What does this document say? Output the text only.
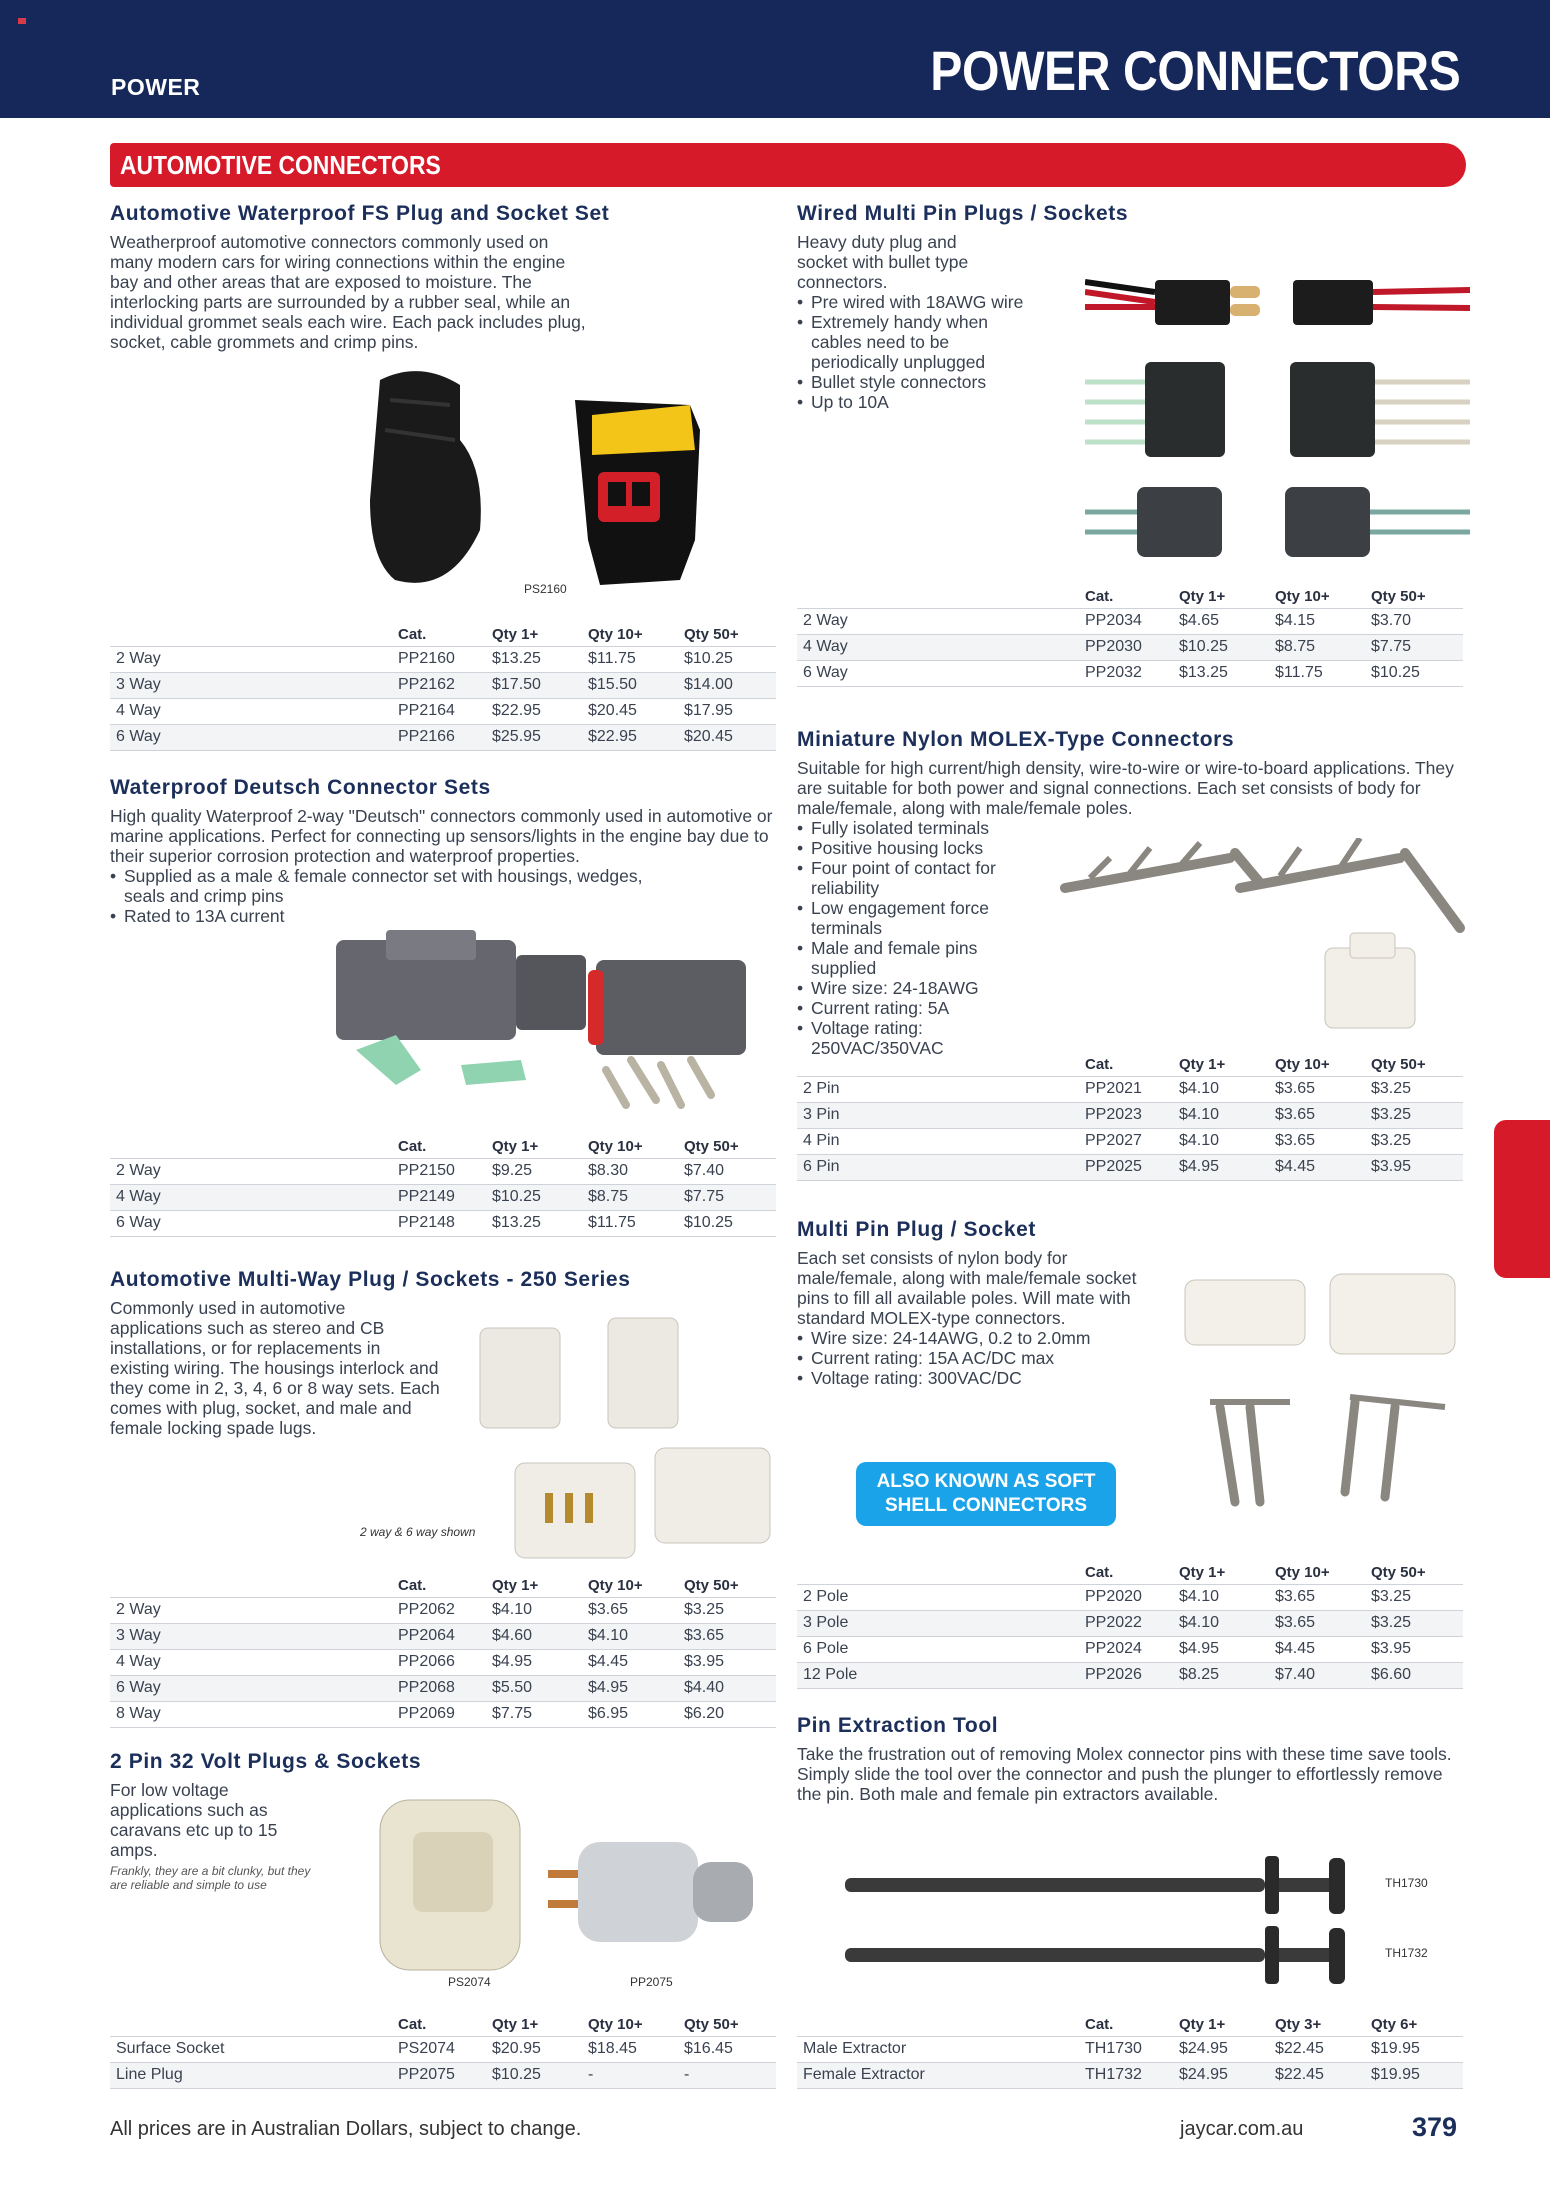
POWER	POWER CONNECTORS
AUTOMOTIVE CONNECTORS
Automotive Waterproof FS Plug and Socket Set
Weatherproof automotive connectors commonly used on many modern cars for wiring connections within the engine bay and other areas that are exposed to moisture. The interlocking parts are surrounded by a rubber seal, while an individual grommet seals each wire. Each pack includes plug, socket, cable grommets and crimp pins.
PS2160
	Cat.	Qty 1+	Qty 10+	Qty 50+
2 Way	PP2160	$13.25	$11.75	$10.25
3 Way	PP2162	$17.50	$15.50	$14.00
4 Way	PP2164	$22.95	$20.45	$17.95
6 Way	PP2166	$25.95	$22.95	$20.45
Waterproof Deutsch Connector Sets
High quality Waterproof 2-way "Deutsch" connectors commonly used in automotive or marine applications. Perfect for connecting up sensors/lights in the engine bay due to their superior corrosion protection and waterproof properties.
• Supplied as a male & female connector set with housings, wedges, seals and crimp pins
• Rated to 13A current
	Cat.	Qty 1+	Qty 10+	Qty 50+
2 Way	PP2150	$9.25	$8.30	$7.40
4 Way	PP2149	$10.25	$8.75	$7.75
6 Way	PP2148	$13.25	$11.75	$10.25
Automotive Multi-Way Plug / Sockets - 250 Series
Commonly used in automotive applications such as stereo and CB installations, or for replacements in existing wiring. The housings interlock and they come in 2, 3, 4, 6 or 8 way sets. Each comes with plug, socket, and male and female locking spade lugs.
2 way & 6 way shown
	Cat.	Qty 1+	Qty 10+	Qty 50+
2 Way	PP2062	$4.10	$3.65	$3.25
3 Way	PP2064	$4.60	$4.10	$3.65
4 Way	PP2066	$4.95	$4.45	$3.95
6 Way	PP2068	$5.50	$4.95	$4.40
8 Way	PP2069	$7.75	$6.95	$6.20
2 Pin 32 Volt Plugs & Sockets
For low voltage applications such as caravans etc up to 15 amps.
Frankly, they are a bit clunky, but they are reliable and simple to use
PS2074	PP2075
	Cat.	Qty 1+	Qty 10+	Qty 50+
Surface Socket	PS2074	$20.95	$18.45	$16.45
Line Plug	PP2075	$10.25	-	-
Wired Multi Pin Plugs / Sockets
Heavy duty plug and socket with bullet type connectors.
• Pre wired with 18AWG wire
• Extremely handy when cables need to be periodically unplugged
• Bullet style connectors
• Up to 10A
	Cat.	Qty 1+	Qty 10+	Qty 50+
2 Way	PP2034	$4.65	$4.15	$3.70
4 Way	PP2030	$10.25	$8.75	$7.75
6 Way	PP2032	$13.25	$11.75	$10.25
Miniature Nylon MOLEX-Type Connectors
Suitable for high current/high density, wire-to-wire or wire-to-board applications. They are suitable for both power and signal connections. Each set consists of body for male/female, along with male/female poles.
• Fully isolated terminals
• Positive housing locks
• Four point of contact for reliability
• Low engagement force terminals
• Male and female pins supplied
• Wire size: 24-18AWG
• Current rating: 5A
• Voltage rating: 250VAC/350VAC
	Cat.	Qty 1+	Qty 10+	Qty 50+
2 Pin	PP2021	$4.10	$3.65	$3.25
3 Pin	PP2023	$4.10	$3.65	$3.25
4 Pin	PP2027	$4.10	$3.65	$3.25
6 Pin	PP2025	$4.95	$4.45	$3.95
Multi Pin Plug / Socket
Each set consists of nylon body for male/female, along with male/female socket pins to fill all available poles. Will mate with standard MOLEX-type connectors.
• Wire size: 24-14AWG, 0.2 to 2.0mm
• Current rating: 15A AC/DC max
• Voltage rating: 300VAC/DC
ALSO KNOWN AS SOFT
SHELL CONNECTORS
	Cat.	Qty 1+	Qty 10+	Qty 50+
2 Pole	PP2020	$4.10	$3.65	$3.25
3 Pole	PP2022	$4.10	$3.65	$3.25
6 Pole	PP2024	$4.95	$4.45	$3.95
12 Pole	PP2026	$8.25	$7.40	$6.60
Pin Extraction Tool
Take the frustration out of removing Molex connector pins with these time save tools. Simply slide the tool over the connector and push the plunger to effortlessly remove the pin. Both male and female pin extractors available.
TH1730
TH1732
	Cat.	Qty 1+	Qty 3+	Qty 6+
Male Extractor	TH1730	$24.95	$22.45	$19.95
Female Extractor	TH1732	$24.95	$22.45	$19.95
All prices are in Australian Dollars, subject to change.	jaycar.com.au	379
